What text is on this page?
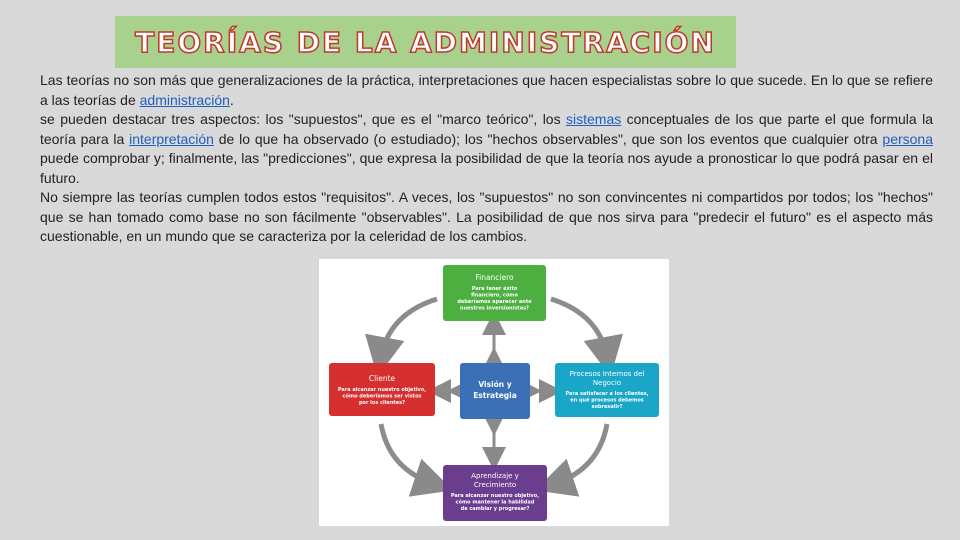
TEORÍAS DE LA ADMINISTRACIÓN

Las teorías no son más que generalizaciones de la práctica, interpretaciones que hacen especialistas sobre lo que sucede. En lo que se refiere a las teorías de administración.

se pueden destacar tres aspectos: los "supuestos", que es el "marco teórico", los sistemas conceptuales de los que parte el que formula la teoría para la interpretación de lo que ha observado (o estudiado); los "hechos observables", que son los eventos que cualquier otra persona puede comprobar y; finalmente, las "predicciones", que expresa la posibilidad de que la teoría nos ayude a pronosticar lo que podrá pasar en el futuro.

No siempre las teorías cumplen todos estos "requisitos". A veces, los "supuestos" no son convincentes ni compartidos por todos; los "hechos" que se han tomado como base no son fácilmente "observables". La posibilidad de que nos sirva para "predecir el futuro" es el aspecto más cuestionable, en un mundo que se caracteriza por la celeridad de los cambios.

Financiero
Para tener éxito
financiero, cómo
deberíamos aparecer ante
nuestros inversionistas?
Visión y
Estrategia
Cliente
Para alcanzar nuestro objetivo,
cómo deberíamos ser vistos
por los clientes?
Procesos Internos del
Negocio
Para satisfacer a los clientes,
en qué procesos debemos
sobresalir?
Aprendizaje y
Crecimiento
Para alcanzar nuestro objetivo,
cómo mantener la habilidad
de cambiar y progresar?
